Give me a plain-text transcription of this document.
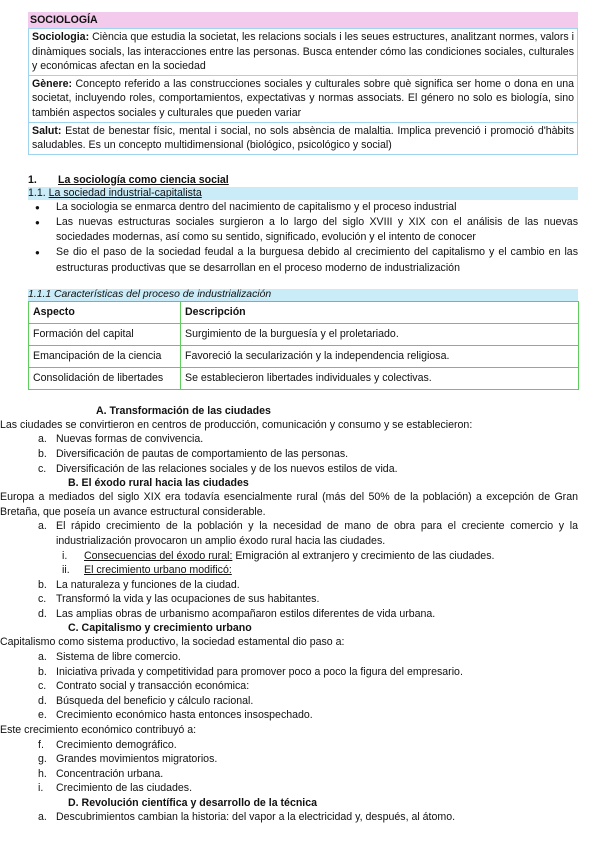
SOCIOLOGÍA
Sociologia: Ciència que estudia la societat, les relacions socials i les seues estructures, analitzant normes, valors i dinàmiques socials, las interacciones entre las personas. Busca entender cómo las condiciones sociales, culturales y económicas afectan en la sociedad
Gènere: Concepto referido a las construcciones sociales y culturales sobre què significa ser home o dona en una societat, incluyendo roles, comportamientos, expectativas y normas associats. El género no solo es biología, sino también aspectos sociales y culturales que pueden variar
Salut: Estat de benestar físic, mental i social, no sols absència de malaltia. Implica prevenció i promoció d'hàbits saludables. Es un concepto multidimensional (biológico, psicológico y social)
1.	La sociología como ciencia social
1.1. La sociedad industrial-capitalista
● La sociologia se enmarca dentro del nacimiento de capitalismo y el proceso industrial
● Las nuevas estructuras sociales surgieron a lo largo del siglo XVIII y XIX con el análisis de las nuevas sociedades modernas, así como su sentido, significado, evolución y el intento de conocer
● Se dio el paso de la sociedad feudal a la burguesa debido al crecimiento del capitalismo y el cambio en las estructuras productivas que se desarrollan en el proceso moderno de industrialización
1.1.1 Características del proceso de industrialización
Aspecto	Descripción
Formación del capital	Surgimiento de la burguesía y el proletariado.
Emancipación de la ciencia	Favoreció la secularización y la independencia religiosa.
Consolidación de libertades	Se establecieron libertades individuales y colectivas.
A. Transformación de las ciudades
Las ciudades se convirtieron en centros de producción, comunicación y consumo y se establecieron:
a. Nuevas formas de convivencia.
b. Diversificación de pautas de comportamiento de las personas.
c. Diversificación de las relaciones sociales y de los nuevos estilos de vida.
B. El éxodo rural hacia las ciudades
Europa a mediados del siglo XIX era todavía esencialmente rural (más del 50% de la población) a excepción de Gran Bretaña, que poseía un avance estructural considerable.
a. El rápido crecimiento de la población y la necesidad de mano de obra para el creciente comercio y la industrialización provocaron un amplio éxodo rural hacia las ciudades.
i. Consecuencias del éxodo rural: Emigración al extranjero y crecimiento de las ciudades.
ii. El crecimiento urbano modificó:
b. La naturaleza y funciones de la ciudad.
c. Transformó la vida y las ocupaciones de sus habitantes.
d. Las amplias obras de urbanismo acompañaron estilos diferentes de vida urbana.
C. Capitalismo y crecimiento urbano
Capitalismo como sistema productivo, la sociedad estamental dio paso a:
a. Sistema de libre comercio.
b. Iniciativa privada y competitividad para promover poco a poco la figura del empresario.
c. Contrato social y transacción económica:
d. Búsqueda del beneficio y cálculo racional.
e. Crecimiento económico hasta entonces insospechado.
Este crecimiento económico contribuyó a:
f. Crecimiento demográfico.
g. Grandes movimientos migratorios.
h. Concentración urbana.
i. Crecimiento de las ciudades.
D. Revolución científica y desarrollo de la técnica
a. Descubrimientos cambian la historia: del vapor a la electricidad y, después, al átomo.
